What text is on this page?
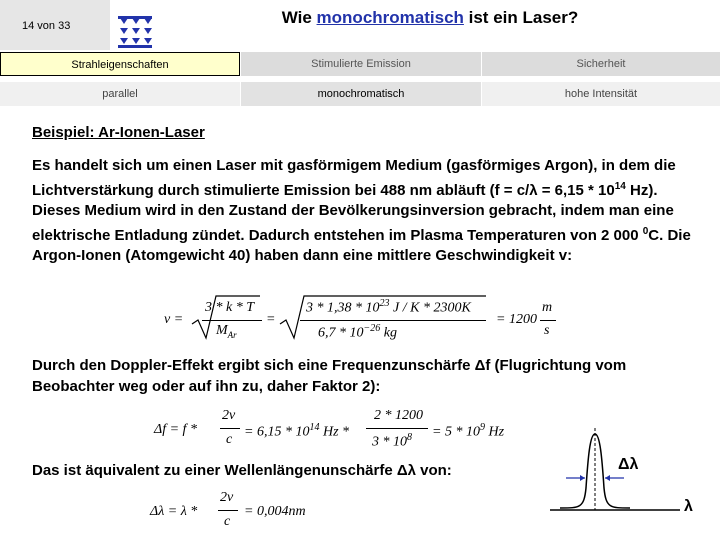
14 von 33	Wie monochromatisch ist ein Laser?
Strahleigenschaften	Stimulierte Emission	Sicherheit
parallel	monochromatisch	hohe Intensität
Beispiel: Ar-Ionen-Laser
Es handelt sich um einen Laser mit gasförmigem Medium (gasförmiges Argon), in dem die Lichtverstärkung durch stimulierte Emission bei 488 nm abläuft ($f = c/\lambda = 6,15 * 10^{14}$ Hz). Dieses Medium wird in den Zustand der Bevölkerungsinversion gebracht, indem man eine elektrische Entladung zündet. Dadurch entstehen im Plasma Temperaturen von 2 000 $^0$C. Die Argon-Ionen (Atomgewicht 40) haben dann eine mittlere Geschwindigkeit v:
v =
3 * k * T
$M_{Ar}$
=
$3 * 1,38 * 10^{23}$ J / K * 2300K
$6,7 * 10^{-26}$ kg
= 1200
m
s
Durch den Doppler-Effekt ergibt sich eine Frequenzunschärfe Δf (Flugrichtung vom Beobachter weg oder auf ihn zu, daher Faktor 2):
Δf = f *
2v
$c = 6,15 * 10^{14}$ Hz *
2 * 1200
$3 * 10^8 = 5 * 10^9$ Hz
Das ist äquivalent zu einer Wellenlängenunschärfe Δλ von:
Δλ = λ *
2v
c
= 0,004nm
Δλ
λ
